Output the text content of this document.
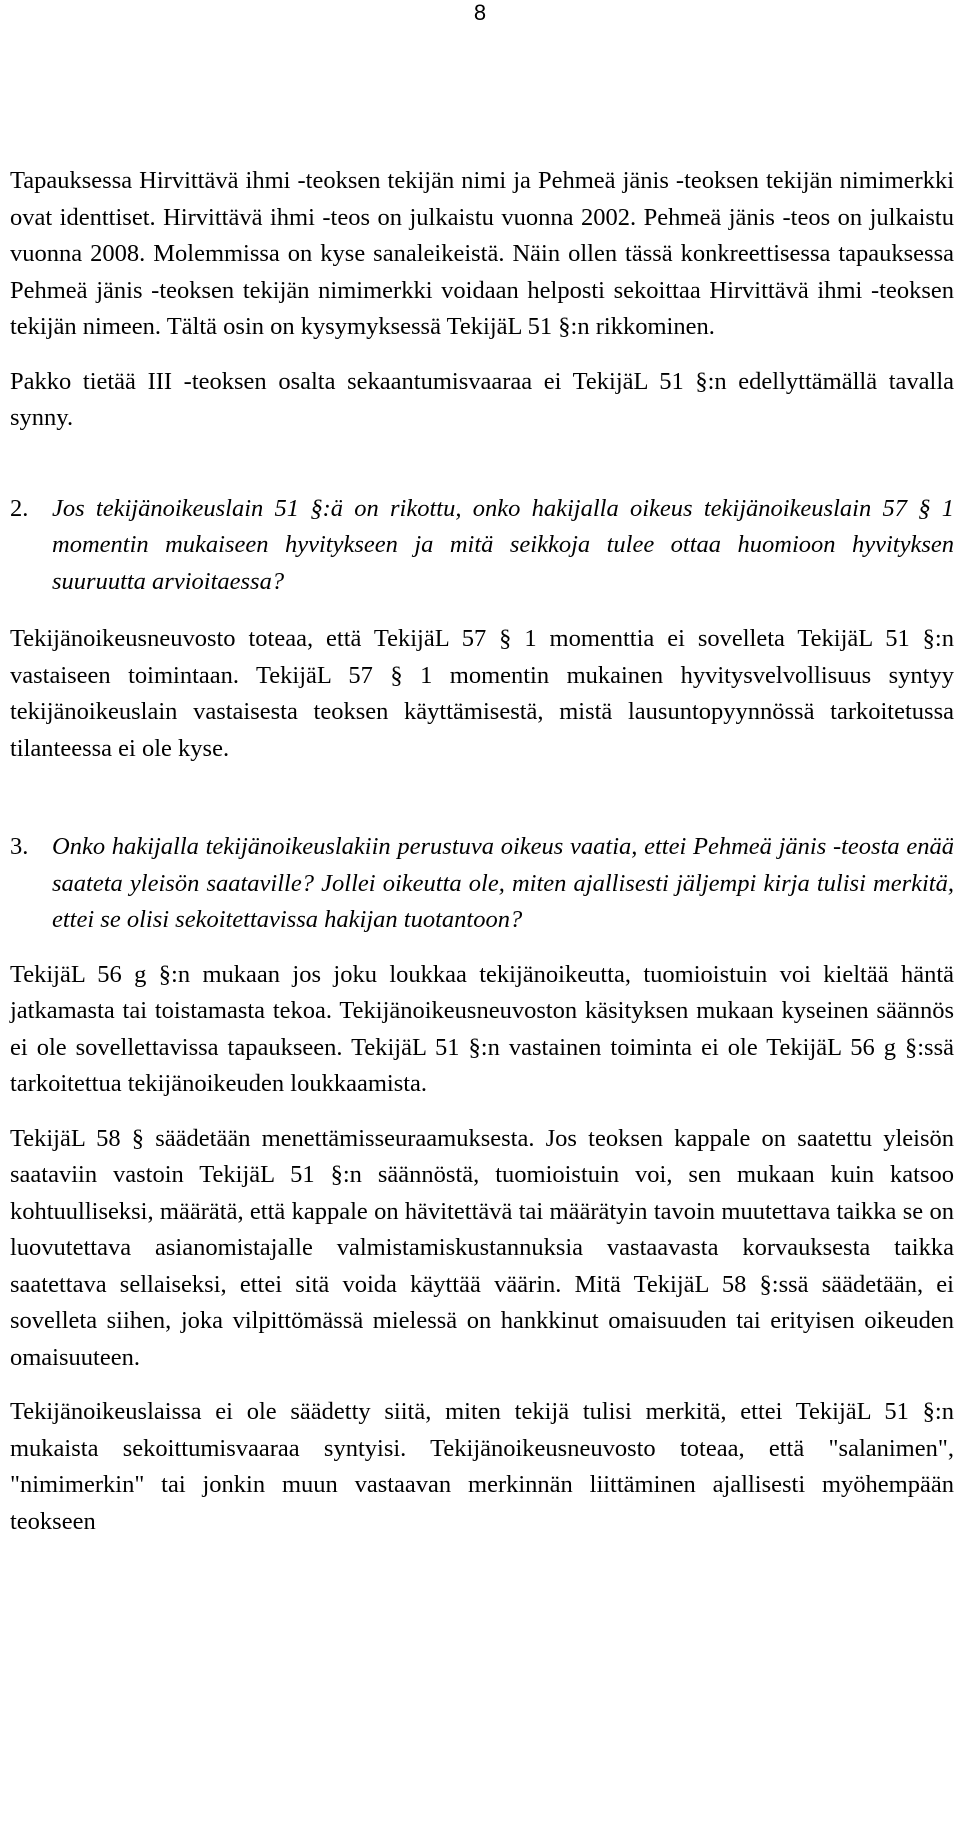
8

Tapauksessa Hirvittävä ihmi -teoksen tekijän nimi ja Pehmeä jänis -teoksen tekijän nimimerkki ovat identtiset. Hirvittävä ihmi -teos on julkaistu vuonna 2002. Pehmeä jänis -teos on julkaistu vuonna 2008. Molemmissa on kyse sanaleikeistä. Näin ollen tässä konkreettisessa tapauksessa Pehmeä jänis -teoksen tekijän nimimerkki voidaan helposti sekoittaa Hirvittävä ihmi -teoksen tekijän nimeen. Tältä osin on kysymyksessä TekijäL 51 §:n rikkominen.

Pakko tietää III -teoksen osalta sekaantumisvaaraa ei TekijäL 51 §:n edellyttämällä tavalla synny.

2. Jos tekijänoikeuslain 51 §:ä on rikottu, onko hakijalla oikeus tekijänoikeuslain 57 § 1 momentin mukaiseen hyvitykseen ja mitä seikkoja tulee ottaa huomioon hyvityksen suuruutta arvioitaessa?

Tekijänoikeusneuvosto toteaa, että TekijäL 57 § 1 momenttia ei sovelleta TekijäL 51 §:n vastaiseen toimintaan. TekijäL 57 § 1 momentin mukainen hyvitysvelvollisuus syntyy tekijänoikeuslain vastaisesta teoksen käyttämisestä, mistä lausuntopyynnössä tarkoitetussa tilanteessa ei ole kyse.

3. Onko hakijalla tekijänoikeuslakiin perustuva oikeus vaatia, ettei Pehmeä jänis -teosta enää saateta yleisön saataville? Jollei oikeutta ole, miten ajallisesti jäljempi kirja tulisi merkitä, ettei se olisi sekoitettavissa hakijan tuotantoon?

TekijäL 56 g §:n mukaan jos joku loukkaa tekijänoikeutta, tuomioistuin voi kieltää häntä jatkamasta tai toistamasta tekoa. Tekijänoikeusneuvoston käsityksen mukaan kyseinen säännös ei ole sovellettavissa tapaukseen. TekijäL 51 §:n vastainen toiminta ei ole TekijäL 56 g §:ssä tarkoitettua tekijänoikeuden loukkaamista.

TekijäL 58 § säädetään menettämisseuraamuksesta. Jos teoksen kappale on saatettu yleisön saataviin vastoin TekijäL 51 §:n säännöstä, tuomioistuin voi, sen mukaan kuin katsoo kohtuulliseksi, määrätä, että kappale on hävitettävä tai määrätyin tavoin muutettava taikka se on luovutettava asianomistajalle valmistamiskustannuksia vastaavasta korvauksesta taikka saatettava sellaiseksi, ettei sitä voida käyttää väärin. Mitä TekijäL 58 §:ssä säädetään, ei sovelleta siihen, joka vilpittömässä mielessä on hankkinut omaisuuden tai erityisen oikeuden omaisuuteen.

Tekijänoikeuslaissa ei ole säädetty siitä, miten tekijä tulisi merkitä, ettei TekijäL 51 §:n mukaista sekoittumisvaaraa syntyisi. Tekijänoikeusneuvosto toteaa, että "salanimen", "nimimerkin" tai jonkin muun vastaavan merkinnän liittäminen ajallisesti myöhempään teokseen
